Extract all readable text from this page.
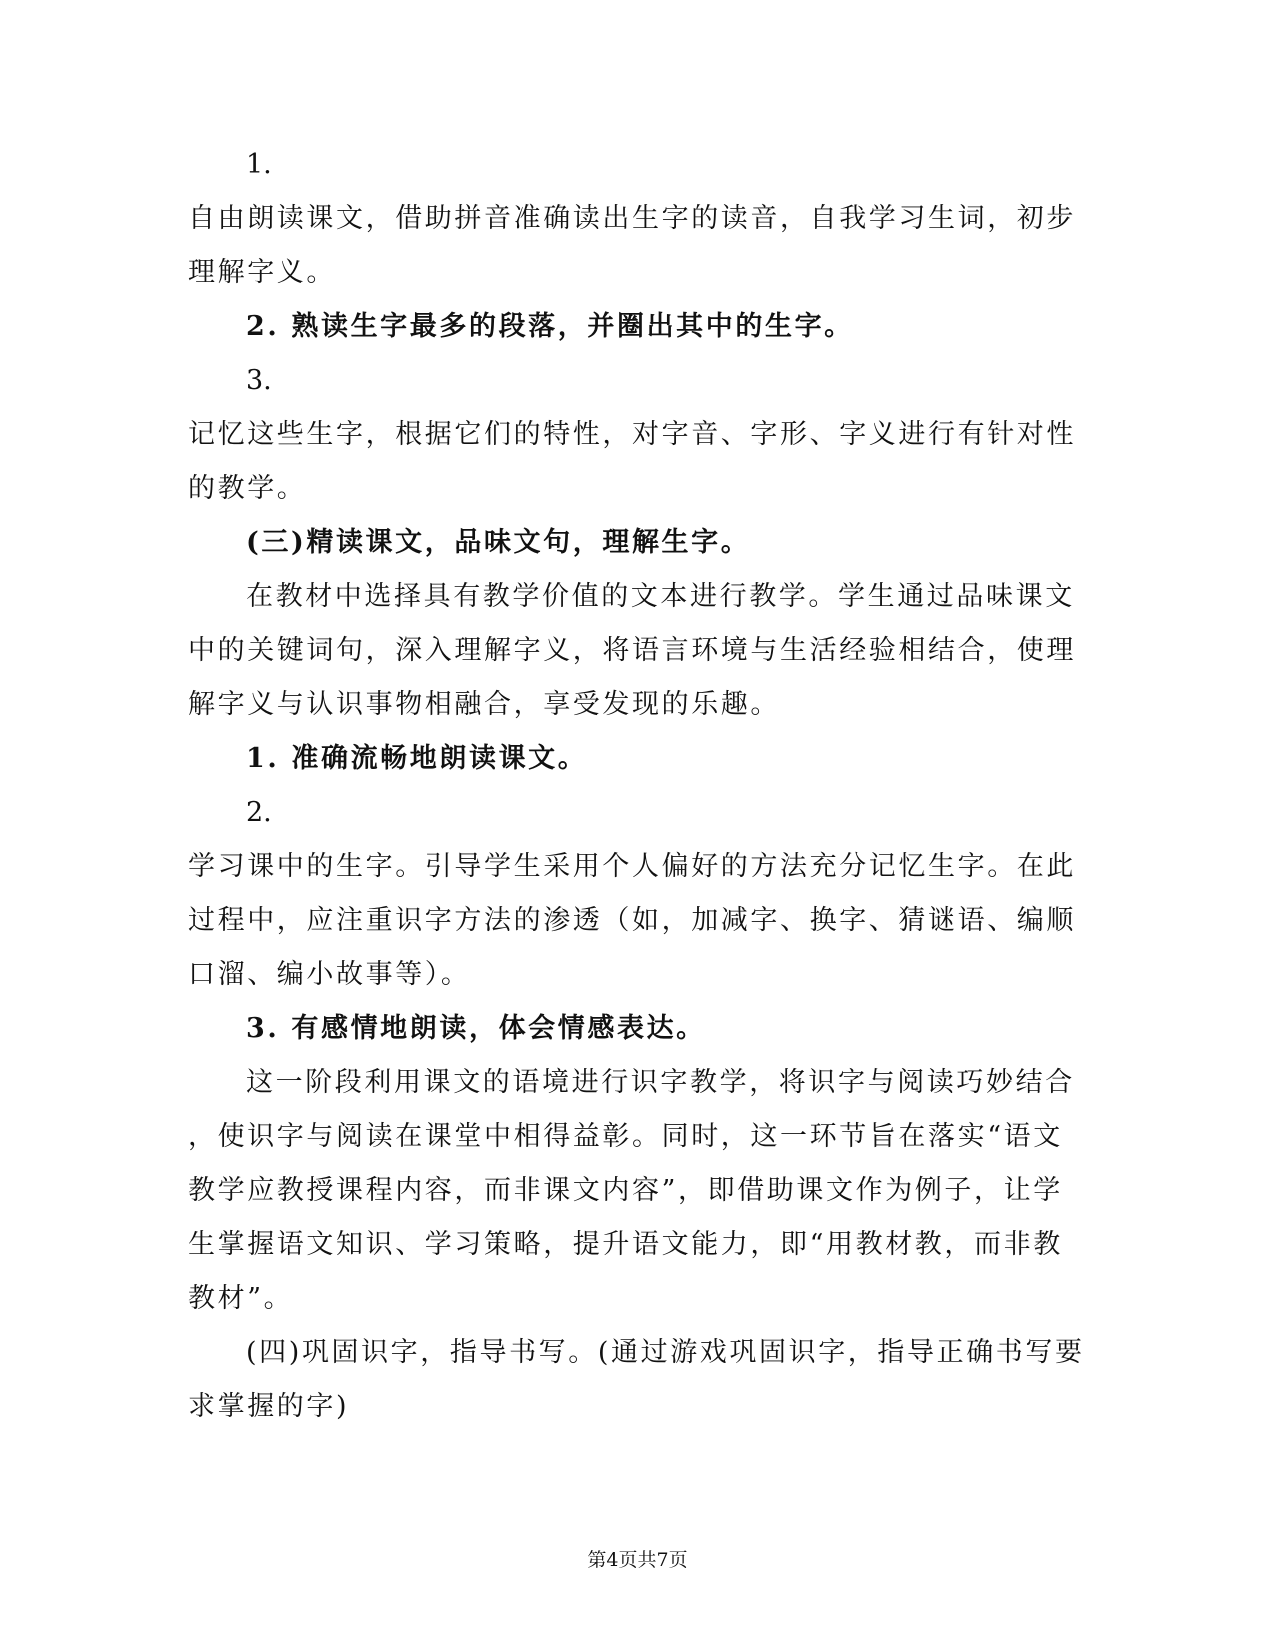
1.
自由朗读课文，借助拼音准确读出生字的读音，自我学习生词，初步
理解字义。
2. 熟读生字最多的段落，并圈出其中的生字。
3.
记忆这些生字，根据它们的特性，对字音、字形、字义进行有针对性
的教学。
(三)精读课文，品味文句，理解生字。
在教材中选择具有教学价值的文本进行教学。学生通过品味课文
中的关键词句，深入理解字义，将语言环境与生活经验相结合，使理
解字义与认识事物相融合，享受发现的乐趣。
1. 准确流畅地朗读课文。
2.
学习课中的生字。引导学生采用个人偏好的方法充分记忆生字。在此
过程中，应注重识字方法的渗透（如，加减字、换字、猜谜语、编顺
口溜、编小故事等）。
3. 有感情地朗读，体会情感表达。
这一阶段利用课文的语境进行识字教学，将识字与阅读巧妙结合
，使识字与阅读在课堂中相得益彰。同时，这一环节旨在落实“语文
教学应教授课程内容，而非课文内容”，即借助课文作为例子，让学
生掌握语文知识、学习策略，提升语文能力，即“用教材教，而非教
教材”。
(四)巩固识字，指导书写。(通过游戏巩固识字，指导正确书写要
求掌握的字)
第4页共7页
